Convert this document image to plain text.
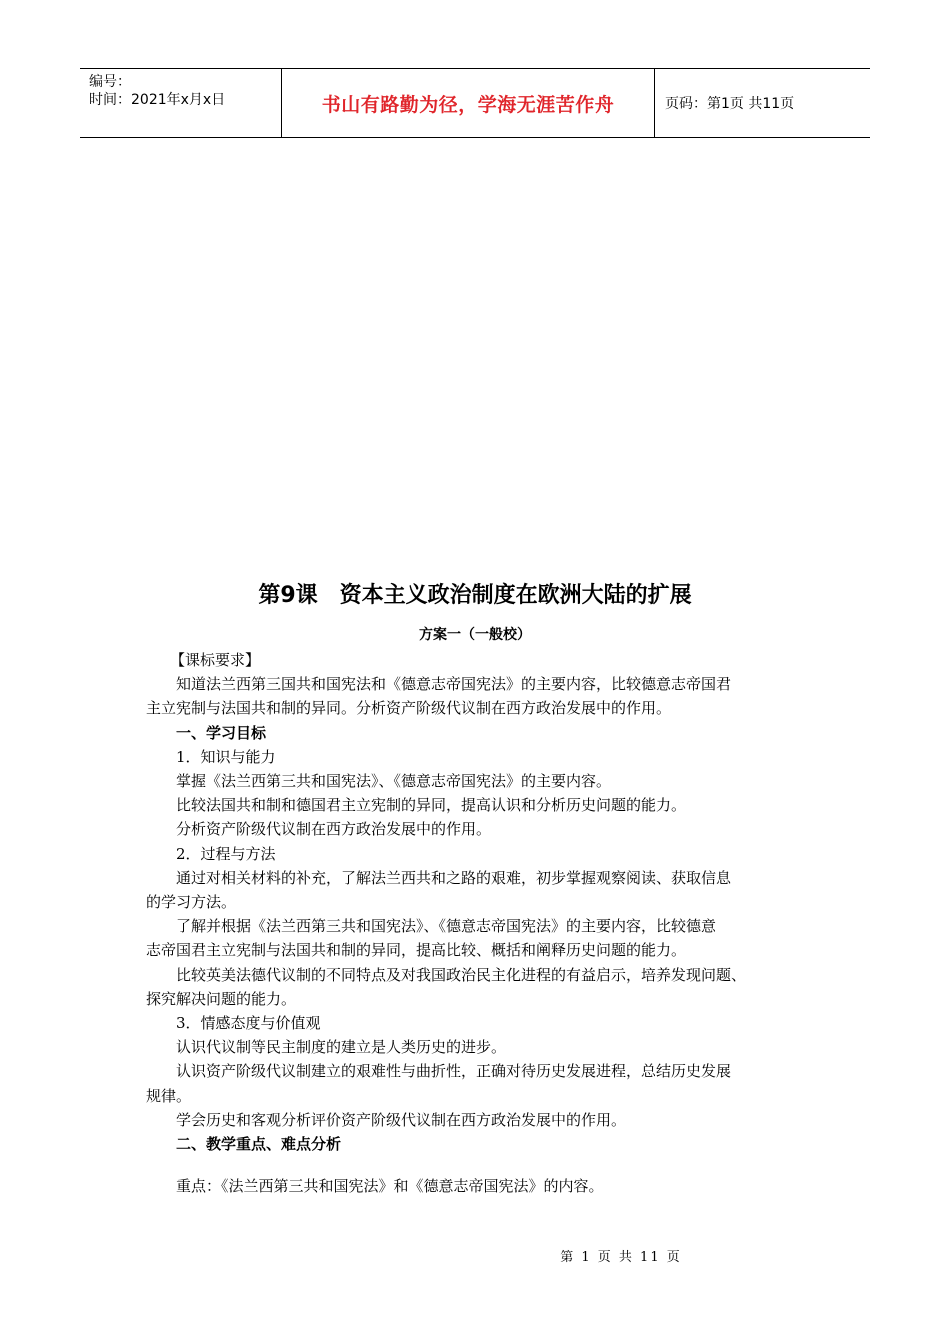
编号：
时间：2021年x月x日	书山有路勤为径，学海无涯苦作舟	页码：第1页 共11页
第9课　资本主义政治制度在欧洲大陆的扩展
方案一（一般校）

【课标要求】

知道法兰西第三国共和国宪法和《德意志帝国宪法》的主要内容，比较德意志帝国君

主立宪制与法国共和制的异同。分析资产阶级代议制在西方政治发展中的作用。

一、学习目标

1．知识与能力

掌握《法兰西第三共和国宪法》、《德意志帝国宪法》的主要内容。

比较法国共和制和德国君主立宪制的异同，提高认识和分析历史问题的能力。

分析资产阶级代议制在西方政治发展中的作用。

2．过程与方法

通过对相关材料的补充，了解法兰西共和之路的艰难，初步掌握观察阅读、获取信息

的学习方法。

了解并根据《法兰西第三共和国宪法》、《德意志帝国宪法》的主要内容，比较德意

志帝国君主立宪制与法国共和制的异同，提高比较、概括和阐释历史问题的能力。

比较英美法德代议制的不同特点及对我国政治民主化进程的有益启示，培养发现问题、

探究解决问题的能力。

3．情感态度与价值观

认识代议制等民主制度的建立是人类历史的进步。

认识资产阶级代议制建立的艰难性与曲折性，正确对待历史发展进程，总结历史发展

规律。

学会历史和客观分析评价资产阶级代议制在西方政治发展中的作用。

二、教学重点、难点分析

重点：《法兰西第三共和国宪法》和《德意志帝国宪法》的内容。

第 1 页 共 11 页
